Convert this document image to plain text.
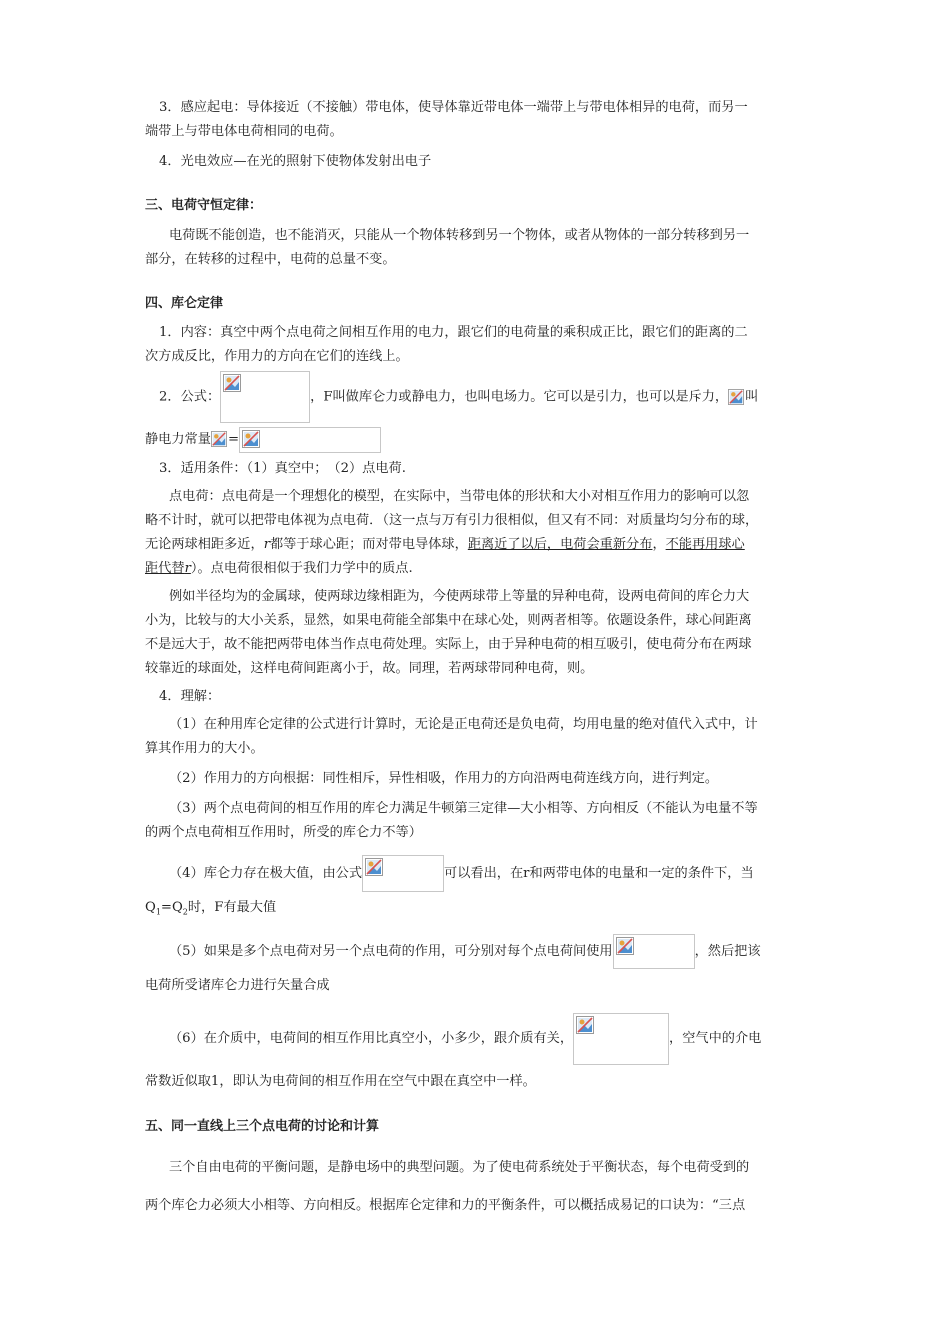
3．感应起电：导体接近（不接触）带电体，使导体靠近带电体一端带上与带电体相异的电荷，而另一

端带上与带电体电荷相同的电荷。

4．光电效应—在光的照射下使物体发射出电子

三、电荷守恒定律：

电荷既不能创造，也不能消灭，只能从一个物体转移到另一个物体，或者从物体的一部分转移到另一

部分，在转移的过程中，电荷的总量不变。

四、库仑定律

1．内容：真空中两个点电荷之间相互作用的电力，跟它们的电荷量的乘积成正比，跟它们的距离的二

次方成反比，作用力的方向在它们的连线上。

2．公式：	，F叫做库仑力或静电力，也叫电场力。它可以是引力，也可以是斥力， 叫

静电力常量 =

3．适用条件：（1）真空中；　（2）点电荷.

点电荷：点电荷是一个理想化的模型，在实际中，当带电体的形状和大小对相互作用力的影响可以忽

略不计时，就可以把带电体视为点电荷．（这一点与万有引力很相似，但又有不同：对质量均匀分布的球，

无论两球相距多近，r都等于球心距；而对带电导体球，距离近了以后，电荷会重新分布，不能再用球心

距代替r）。点电荷很相似于我们力学中的质点.

例如半径均为的金属球，使两球边缘相距为，今使两球带上等量的异种电荷，设两电荷间的库仑力大

小为，比较与的大小关系，显然，如果电荷能全部集中在球心处，则两者相等。依题设条件，球心间距离

不是远大于，故不能把两带电体当作点电荷处理。实际上，由于异种电荷的相互吸引，使电荷分布在两球

较靠近的球面处，这样电荷间距离小于，故。同理，若两球带同种电荷，则。

4．理解：

（1）在种用库仑定律的公式进行计算时，无论是正电荷还是负电荷，均用电量的绝对值代入式中，计

算其作用力的大小。

（2）作用力的方向根据：同性相斥，异性相吸，作用力的方向沿两电荷连线方向，进行判定。

（3）两个点电荷间的相互作用的库仑力满足牛顿第三定律—大小相等、方向相反（不能认为电量不等

的两个点电荷相互作用时，所受的库仑力不等）

（4）库仑力存在极大值，由公式	可以看出，在r和两带电体的电量和一定的条件下，当

$Q_1=Q_2$时，F有最大值

（5）如果是多个点电荷对另一个点电荷的作用，可分别对每个点电荷间使用	，然后把该

电荷所受诸库仑力进行矢量合成

（6）在介质中，电荷间的相互作用比真空小，小多少，跟介质有关，	，空气中的介电

常数近似取1，即认为电荷间的相互作用在空气中跟在真空中一样。

五、同一直线上三个点电荷的讨论和计算

三个自由电荷的平衡问题，是静电场中的典型问题。为了使电荷系统处于平衡状态，每个电荷受到的

两个库仑力必须大小相等、方向相反。根据库仑定律和力的平衡条件，可以概括成易记的口诀为：“三点
